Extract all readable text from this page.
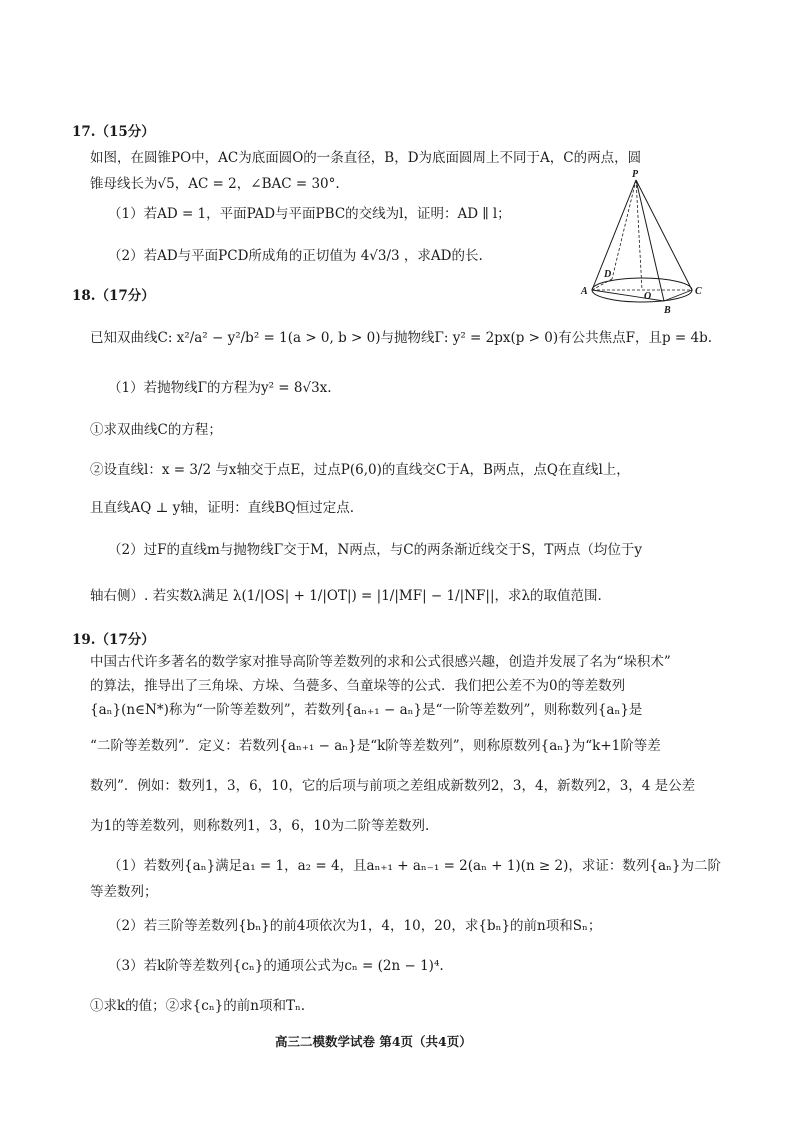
17.（15分）
如图，在圆锥PO中，AC为底面圆O的一条直径，B，D为底面圆周上不同于A，C的两点，圆
锥母线长为√5，AC = 2，∠BAC = 30°.
（1）若AD = 1，平面PAD与平面PBC的交线为l，证明：AD ∥ l；
（2）若AD与平面PCD所成角的正切值为 4√3/3 ，求AD的长.
P
D
O
A	C
B
18.（17分）
已知双曲线C: x²/a² − y²/b² = 1(a > 0, b > 0)与抛物线Γ: y² = 2px(p > 0)有公共焦点F，且p = 4b.
（1）若抛物线Γ的方程为y² = 8√3x.
①求双曲线C的方程；
②设直线l：x = 3/2 与x轴交于点E，过点P(6,0)的直线交C于A，B两点，点Q在直线l上，
且直线AQ ⊥ y轴，证明：直线BQ恒过定点.
（2）过F的直线m与抛物线Γ交于M，N两点，与C的两条渐近线交于S，T两点（均位于y
轴右侧）. 若实数λ满足 λ(1/|OS| + 1/|OT|) = |1/|MF| − 1/|NF||，求λ的取值范围.
19.（17分）
中国古代许多著名的数学家对推导高阶等差数列的求和公式很感兴趣，创造并发展了名为“垛积术”
的算法，推导出了三角垛、方垛、刍甍多、刍童垛等的公式．我们把公差不为0的等差数列
{aₙ}(n∈N*)称为“一阶等差数列”，若数列{aₙ₊₁ − aₙ}是“一阶等差数列”，则称数列{aₙ}是
“二阶等差数列”．定义：若数列{aₙ₊₁ − aₙ}是“k阶等差数列”，则称原数列{aₙ}为“k+1阶等差
数列”．例如：数列1，3，6，10，它的后项与前项之差组成新数列2，3，4，新数列2，3，4 是公差
为1的等差数列，则称数列1，3，6，10为二阶等差数列.
（1）若数列{aₙ}满足a₁ = 1，a₂ = 4，且aₙ₊₁ + aₙ₋₁ = 2(aₙ + 1)(n ≥ 2)，求证：数列{aₙ}为二阶
等差数列；
（2）若三阶等差数列{bₙ}的前4项依次为1，4，10，20，求{bₙ}的前n项和Sₙ；
（3）若k阶等差数列{cₙ}的通项公式为cₙ = (2n − 1)⁴.
①求k的值；②求{cₙ}的前n项和Tₙ.
高三二模数学试卷 第4页（共4页）
